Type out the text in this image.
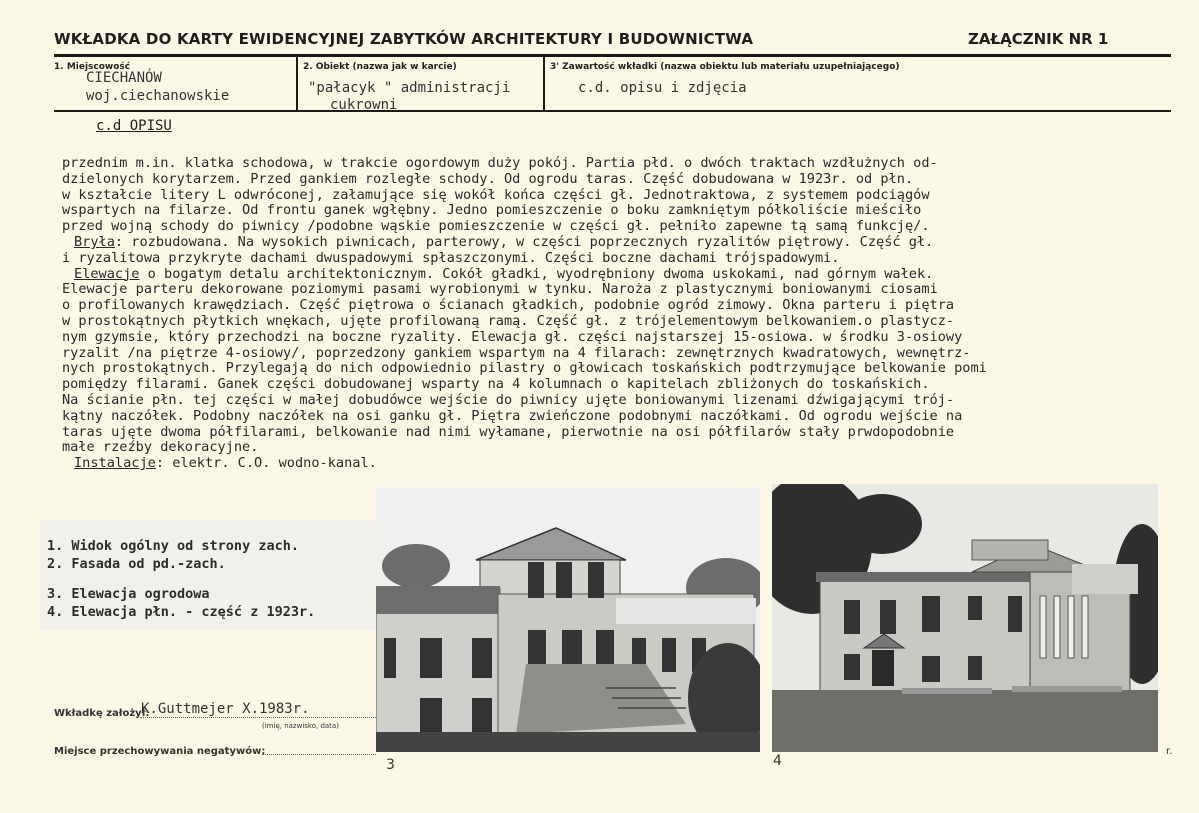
WKŁADKA DO KARTY EWIDENCYJNEJ ZABYTKÓW ARCHITEKTURY I BUDOWNICTWA	ZAŁĄCZNIK NR 1
1. Miejscowość
CIECHANÓW
woj.ciechanowskie
2. Obiekt (nazwa jak w karcie)
"pałacyk " administracji
cukrowni
3' Zawartość wkładki (nazwa obiektu lub materiału uzupełniającego)
c.d. opisu i zdjęcia
c.d OPISU
przednim m.in. klatka schodowa, w trakcie ogordowym duży pokój. Partia płd. o dwóch traktach wzdłużnych od-
dzielonych korytarzem. Przed gankiem rozległe schody. Od ogrodu taras. Część dobudowana w 1923r. od płn.
w kształcie litery L odwróconej, załamujące się wokół końca części gł. Jednotraktowa, z systemem podciągów
wspartych na filarze. Od frontu ganek wgłębny. Jedno pomieszczenie o boku zamkniętym półkoliście mieściło
przed wojną schody do piwnicy /podobne wąskie pomieszczenie w części gł. pełniło zapewne tą samą funkcję/.
Bryła: rozbudowana. Na wysokich piwnicach, parterowy, w części poprzecznych ryzalitów piętrowy. Część gł.
i ryzalitowa przykryte dachami dwuspadowymi spłaszczonymi. Części boczne dachami trójspadowymi.
Elewacje o bogatym detalu architektonicznym. Cokół gładki, wyodrębniony dwoma uskokami, nad górnym wałek.
Elewacje parteru dekorowane poziomymi pasami wyrobionymi w tynku. Naroża z plastycznymi boniowanymi ciosami
o profilowanych krawędziach. Część piętrowa o ścianach gładkich, podobnie ogród zimowy. Okna parteru i piętra
w prostokątnych płytkich wnękach, ujęte profilowaną ramą. Część gł. z trójelementowym belkowaniem.o plastycz-
nym gzymsie, który przechodzi na boczne ryzality. Elewacja gł. części najstarszej 15-osiowa. w środku 3-osiowy
ryzalit /na piętrze 4-osiowy/, poprzedzony gankiem wspartym na 4 filarach: zewnętrznych kwadratowych, wewnętrz-
nych prostokątnych. Przylegają do nich odpowiednio pilastry o głowicach toskańskich podtrzymujące belkowanie pomi
pomiędzy filarami. Ganek części dobudowanej wsparty na 4 kolumnach o kapitelach zbliżonych do toskańskich.
Na ścianie płn. tej części w małej dobudówce wejście do piwnicy ujęte boniowanymi lizenami dźwigającymi trój-
kątny naczółek. Podobny naczółek na osi ganku gł. Piętra zwieńczone podobnymi naczółkami. Od ogrodu wejście na
taras ujęte dwoma półfilarami, belkowanie nad nimi wyłamane, pierwotnie na osi półfilarów stały prwdopodobnie
małe rzeźby dekoracyjne.
Instalacje: elektr. C.O. wodno-kanal.
1. Widok ogólny od strony zach.
2. Fasada od pd.-zach.
3. Elewacja ogrodowa
4. Elewacja płn. - część z 1923r.
3	4
Wkładkę założył:
K.Guttmejer X.1983r.
(imię, nazwisko, data)
Miejsce przechowywania negatywów:	r.
